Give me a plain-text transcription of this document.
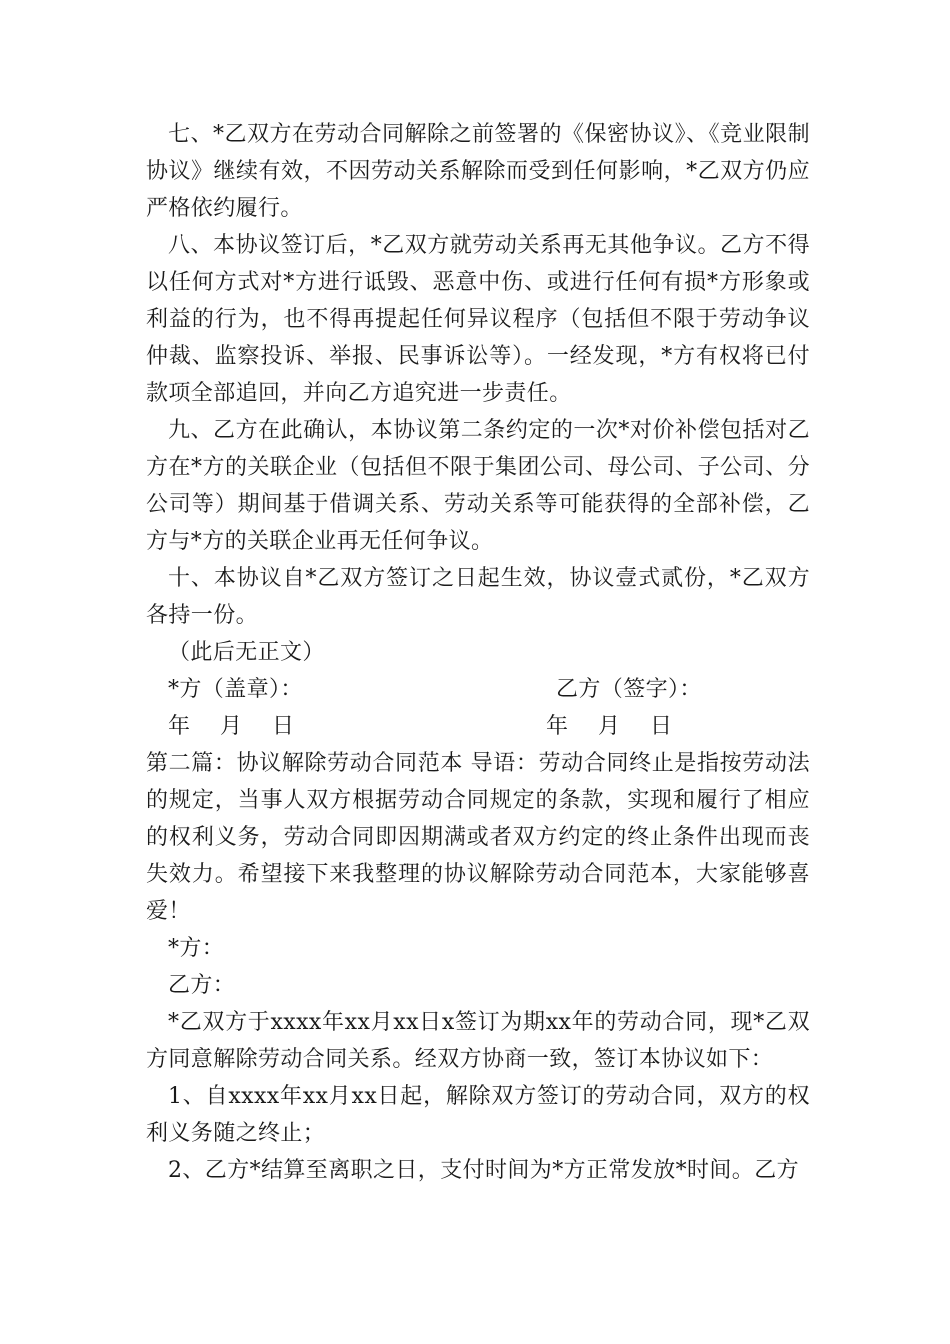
七、*乙双方在劳动合同解除之前签署的《保密协议》、《竞业限制协议》继续有效，不因劳动关系解除而受到任何影响，*乙双方仍应严格依约履行。

八、本协议签订后，*乙双方就劳动关系再无其他争议。乙方不得以任何方式对*方进行诋毁、恶意中伤、或进行任何有损*方形象或利益的行为，也不得再提起任何异议程序（包括但不限于劳动争议仲裁、监察投诉、举报、民事诉讼等）。一经发现，*方有权将已付款项全部追回，并向乙方追究进一步责任。

九、乙方在此确认，本协议第二条约定的一次*对价补偿包括对乙方在*方的关联企业（包括但不限于集团公司、母公司、子公司、分公司等）期间基于借调关系、劳动关系等可能获得的全部补偿，乙方与*方的关联企业再无任何争议。

十、本协议自*乙双方签订之日起生效，协议壹式贰份，*乙双方各持一份。

（此后无正文）

*方（盖章）：	乙方（签字）：

年    月    日

	年    月    日

第二篇：协议解除劳动合同范本 导语：劳动合同终止是指按劳动法的规定，当事人双方根据劳动合同规定的条款，实现和履行了相应的权利义务，劳动合同即因期满或者双方约定的终止条件出现而丧失效力。希望接下来我整理的协议解除劳动合同范本，大家能够喜爱！

*方：

乙方：

*乙双方于xxxx年xx月xx日x签订为期xx年的劳动合同，现*乙双方同意解除劳动合同关系。经双方协商一致，签订本协议如下：

1、自xxxx年xx月xx日起，解除双方签订的劳动合同，双方的权利义务随之终止；

2、乙方*结算至离职之日，支付时间为*方正常发放*时间。乙方
